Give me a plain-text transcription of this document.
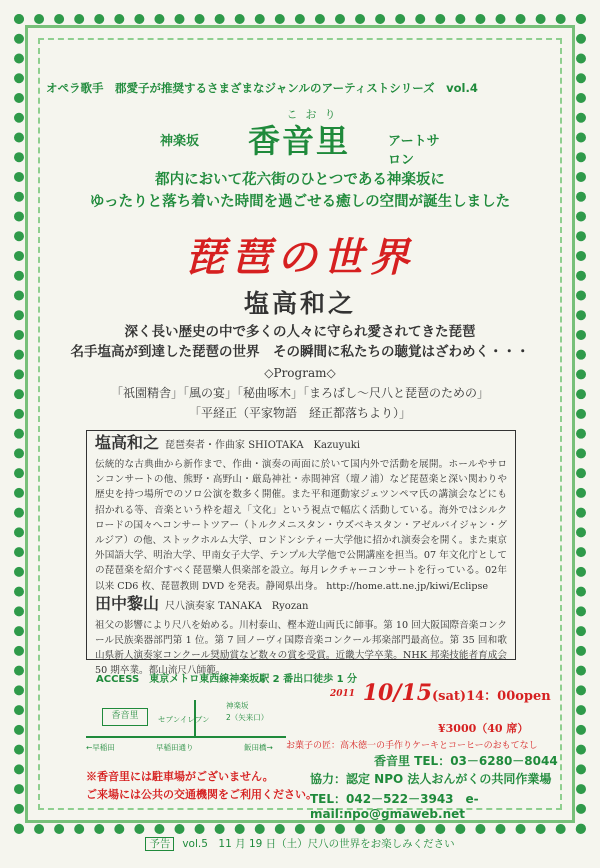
オペラ歌手　郡愛子が推奨するさまざまなジャンルのアーティストシリーズ　vol.4
神楽坂
こおり
香音里	アートサロン
都内において花六街のひとつである神楽坂に
ゆったりと落ち着いた時間を過ごせる癒しの空間が誕生しました
琵琶の世界
塩高和之
深く長い歴史の中で多くの人々に守られ愛されてきた琵琶
名手塩高が到達した琵琶の世界　その瞬間に私たちの聴覚はざわめく・・・
◇Program◇
「祇園精舎」「風の宴」「秘曲啄木」「まろばし～尺八と琵琶のための」
「平経正（平家物語　経正都落ちより）」
塩高和之 琵琶奏者・作曲家 SHIOTAKA　Kazuyuki

伝統的な古典曲から新作まで、作曲・演奏の両面に於いて国内外で活動を展開。ホールやサロンコンサートの他、熊野・高野山・厳島神社・赤間神宮（壇ノ浦）など琵琶楽と深い関わりや歴史を持つ場所でのソロ公演を数多く開催。また平和運動家ジェツンペマ氏の講演会などにも招かれる等、音楽という枠を超え「文化」という視点で幅広く活動している。海外ではシルクロードの国々へコンサートツアー（トルクメニスタン・ウズベキスタン・アゼルバイジャン・グルジア）の他、ストックホルム大学、ロンドンシティー大学他に招かれ演奏会を開く。また東京外国語大学、明治大学、甲南女子大学、テンプル大学他で公開講座を担当。07 年文化庁としての琵琶楽を紹介すべく琵琶樂人倶楽部を設立。毎月レクチャーコンサートを行っている。02年以来 CD6 枚、琵琶教則 DVD を発表。静岡県出身。 http://home.att.ne.jp/kiwi/Eclipse

田中黎山 尺八演奏家 TANAKA　Ryozan

祖父の影響により尺八を始める。川村泰山、樫本遊山両氏に師事。第 10 回大阪国際音楽コンクール民族楽器部門第 1 位。第 7 回ノーヴィ国際音楽コンクール邦楽部門最高位。第 35 回和歌山県新人演奏家コンクール奨励賞など数々の賞を受賞。近畿大学卒業。NHK 邦楽技能者育成会 50 期卒業。都山流尺八師範。

ACCESS　東京メトロ東西線神楽坂駅 2 番出口徒歩 1 分
香音里	セブンイレブン
神楽坂
2（矢来口）
←早稲田	早稲田通り	飯田橋→
2011 10/15(sat)14：00open
¥3000（40 席）
お菓子の匠：高木徳一の手作りケーキとコーヒーのおもてなし
香音里 TEL：03－6280－8044
協力：認定 NPO 法人おんがくの共同作業場
TEL：042－522－3943　e-mail:npo@gmaweb.net
※香音里には駐車場がございません。
ご来場には公共の交通機関をご利用ください。
予告 vol.5　11 月 19 日（土）尺八の世界をお楽しみください
